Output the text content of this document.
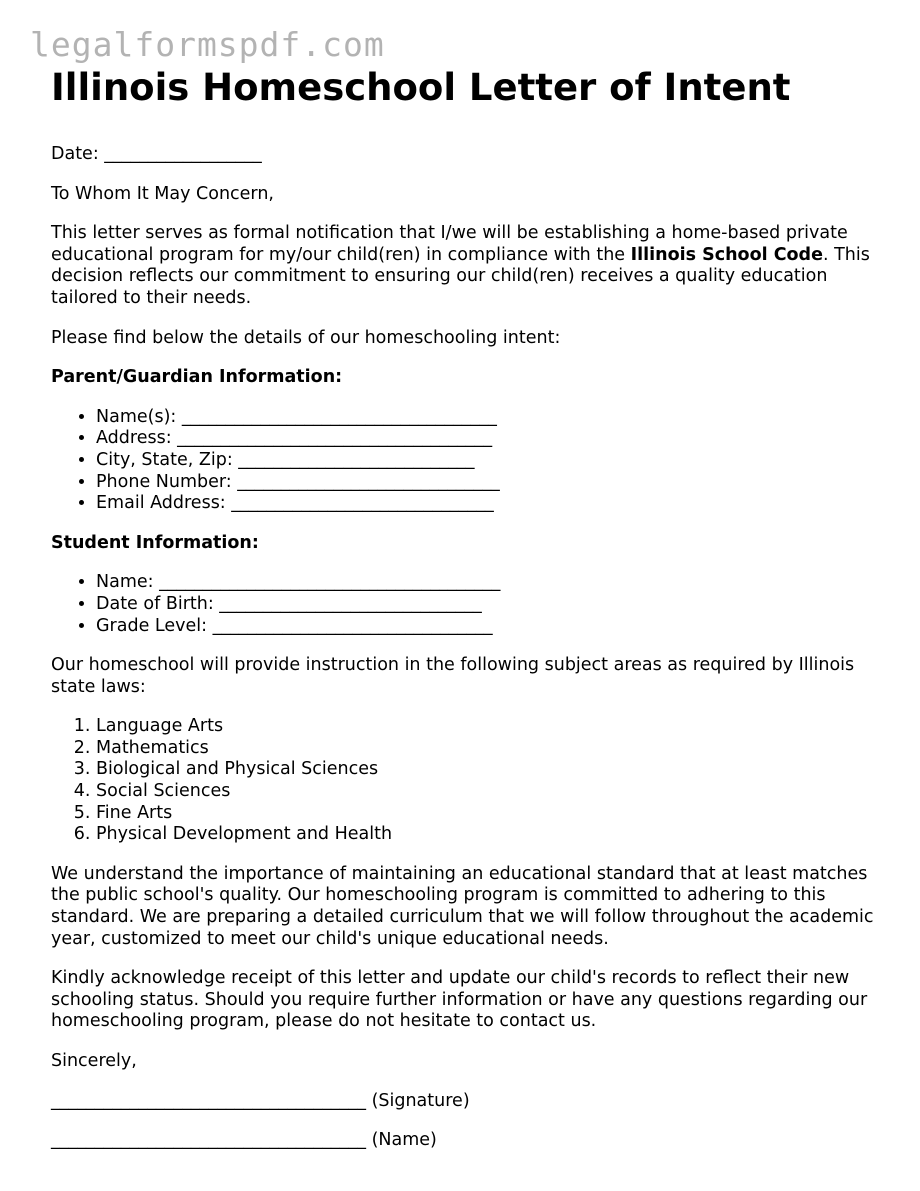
legalformspdf.com
Illinois Homeschool Letter of Intent

Date: __________________

To Whom It May Concern,

This letter serves as formal notification that I/we will be establishing a home-based private educational program for my/our child(ren) in compliance with the Illinois School Code. This decision reflects our commitment to ensuring our child(ren) receives a quality education tailored to their needs.

Please find below the details of our homeschooling intent:

Parent/Guardian Information:

• Name(s): ____________________________________
• Address: ____________________________________
• City, State, Zip: ___________________________
• Phone Number: ______________________________
• Email Address: ______________________________

Student Information:

• Name: _______________________________________
• Date of Birth: ______________________________
• Grade Level: ________________________________

Our homeschool will provide instruction in the following subject areas as required by Illinois state laws:

1. Language Arts
2. Mathematics
3. Biological and Physical Sciences
4. Social Sciences
5. Fine Arts
6. Physical Development and Health

We understand the importance of maintaining an educational standard that at least matches the public school's quality. Our homeschooling program is committed to adhering to this standard. We are preparing a detailed curriculum that we will follow throughout the academic year, customized to meet our child's unique educational needs.

Kindly acknowledge receipt of this letter and update our child's records to reflect their new schooling status. Should you require further information or have any questions regarding our homeschooling program, please do not hesitate to contact us.

Sincerely,

____________________________________ (Signature)

____________________________________ (Name)
